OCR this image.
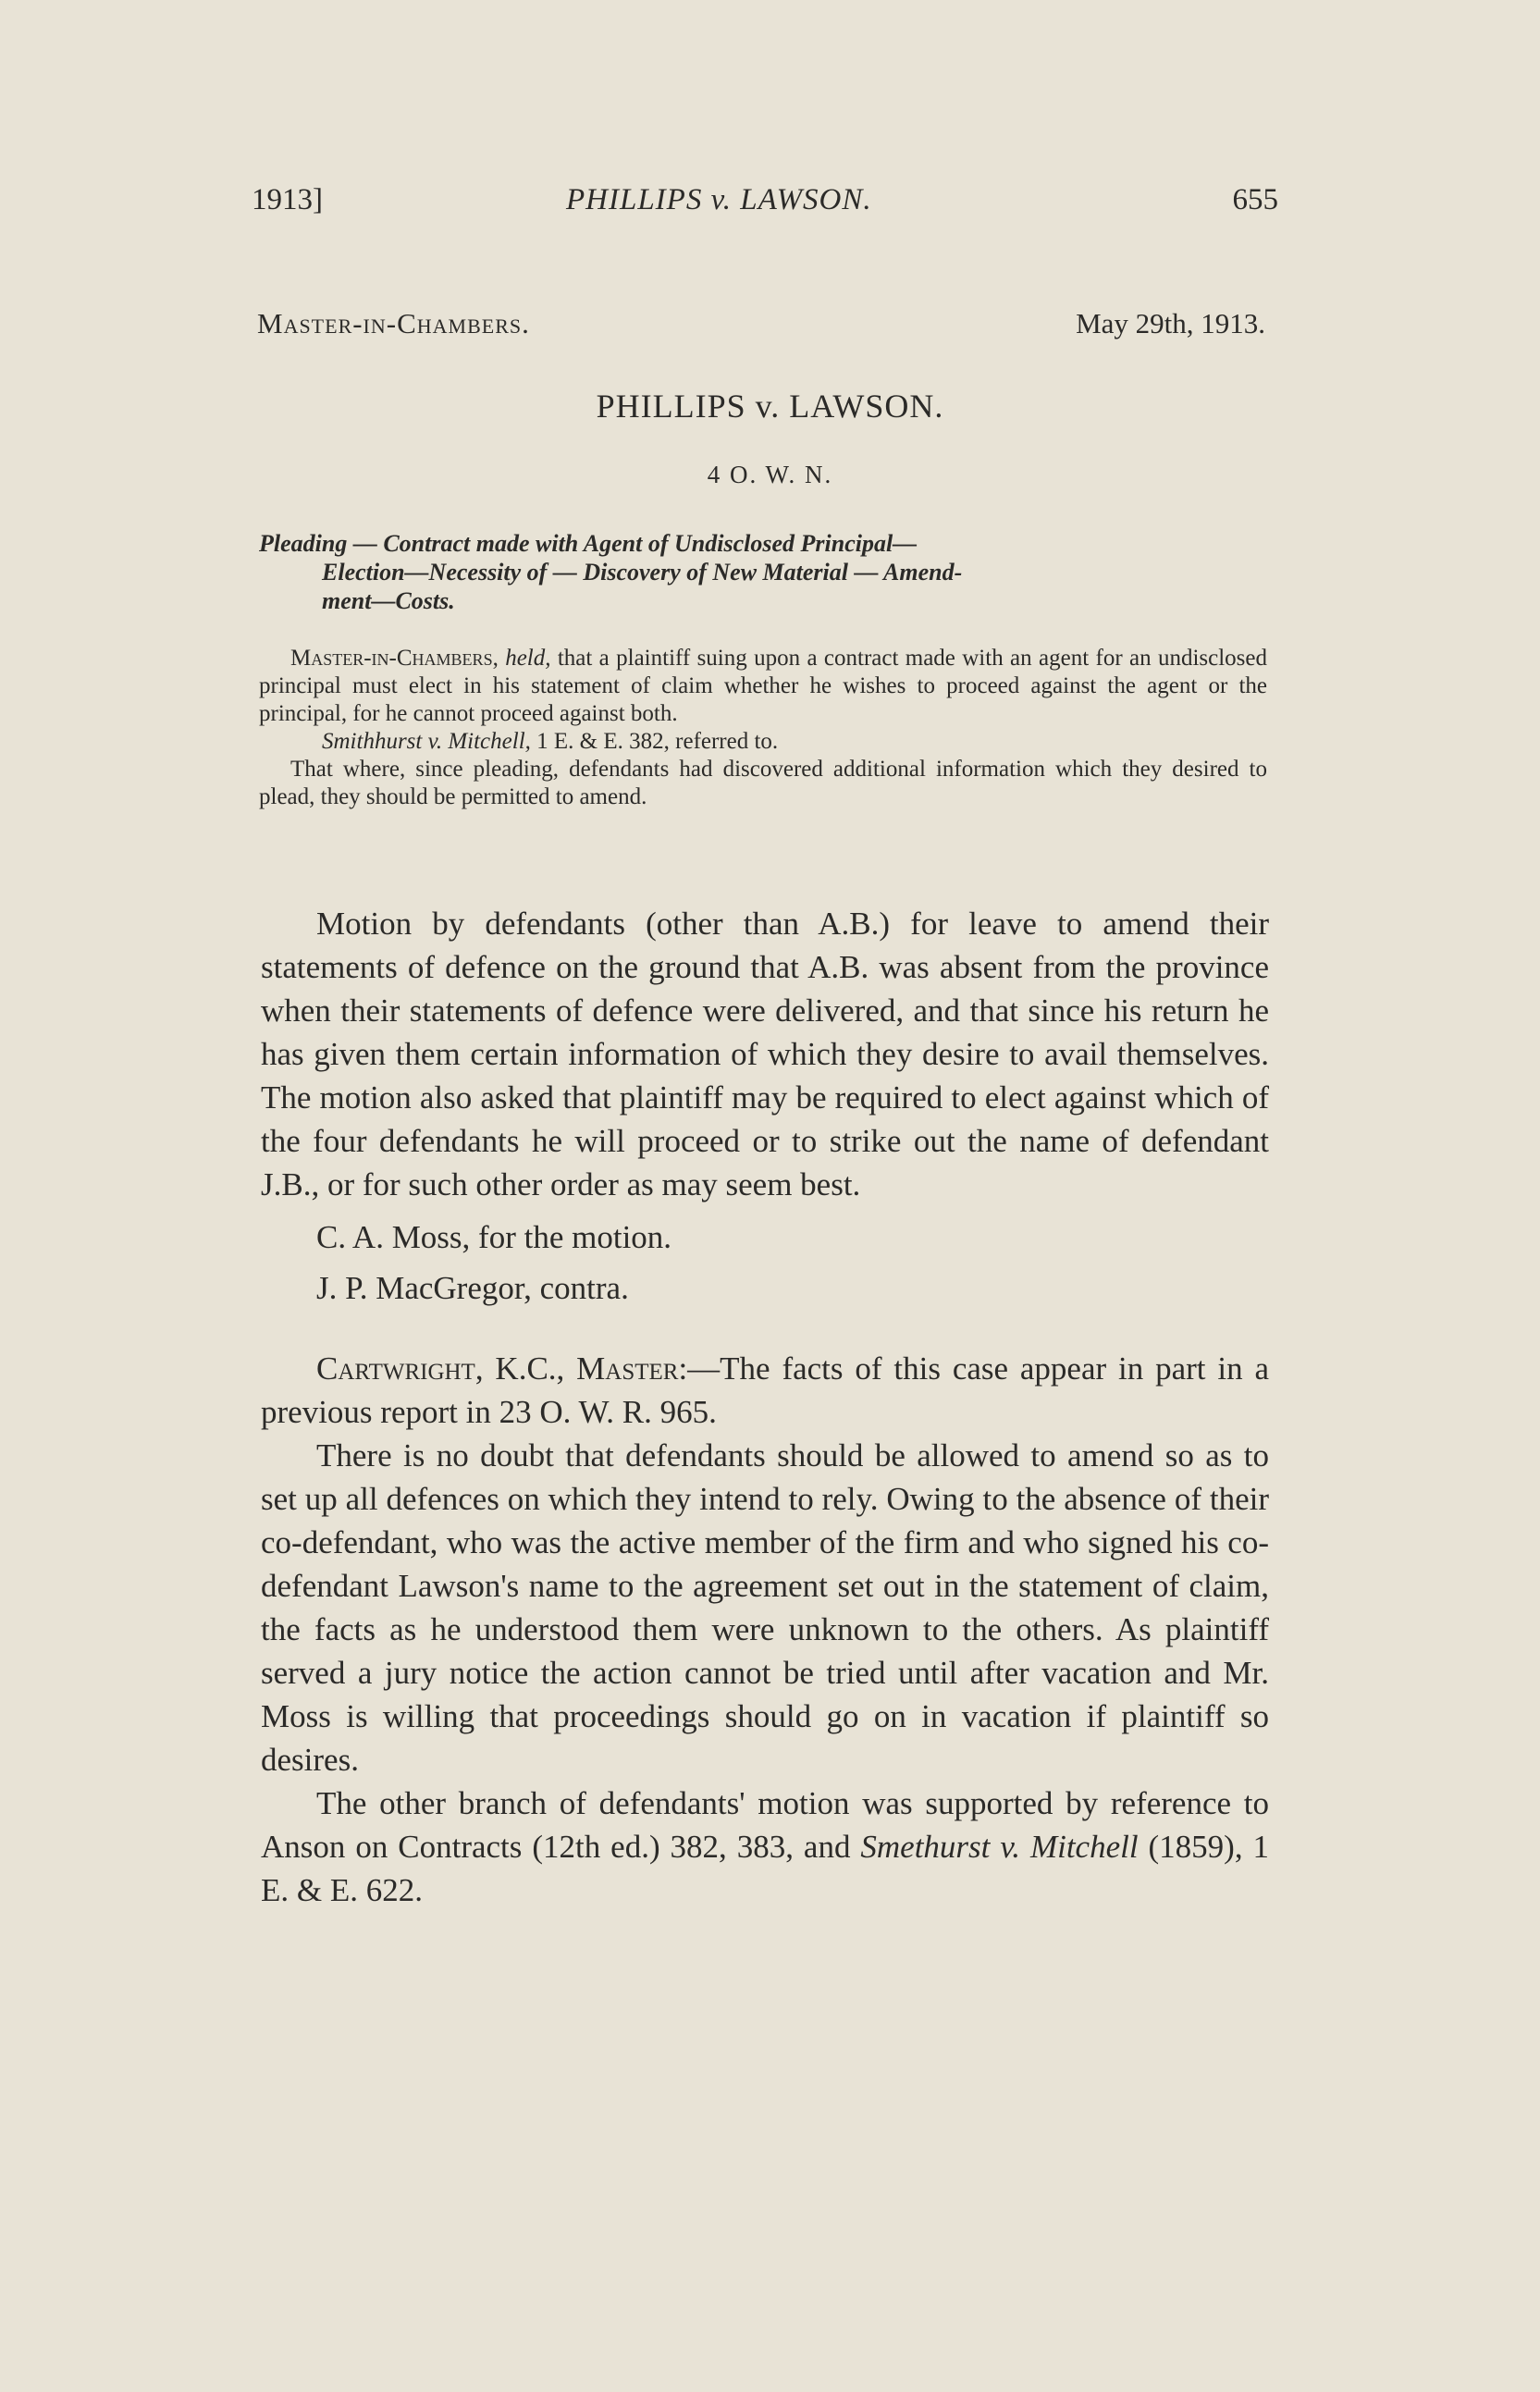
1913]	PHILLIPS v. LAWSON.	655
Master-in-Chambers.	May 29th, 1913.
PHILLIPS v. LAWSON.
4 O. W. N.
Pleading — Contract made with Agent of Undisclosed Principal—
Election—Necessity of — Discovery of New Material — Amend-
ment—Costs.

Master-in-Chambers, held, that a plaintiff suing upon a contract made with an agent for an undisclosed principal must elect in his statement of claim whether he wishes to proceed against the agent or the principal, for he cannot proceed against both.

Smithhurst v. Mitchell, 1 E. & E. 382, referred to.

That where, since pleading, defendants had discovered additional information which they desired to plead, they should be permitted to amend.

Motion by defendants (other than A.B.) for leave to amend their statements of defence on the ground that A.B. was absent from the province when their statements of defence were delivered, and that since his return he has given them certain information of which they desire to avail themselves. The motion also asked that plaintiff may be required to elect against which of the four defendants he will proceed or to strike out the name of defendant J.B., or for such other order as may seem best.

C. A. Moss, for the motion.
J. P. MacGregor, contra.

Cartwright, K.C., Master:—The facts of this case appear in part in a previous report in 23 O. W. R. 965.

There is no doubt that defendants should be allowed to amend so as to set up all defences on which they intend to rely. Owing to the absence of their co-defendant, who was the active member of the firm and who signed his co-defendant Lawson's name to the agreement set out in the statement of claim, the facts as he understood them were unknown to the others. As plaintiff served a jury notice the action cannot be tried until after vacation and Mr. Moss is willing that proceedings should go on in vacation if plaintiff so desires.

The other branch of defendants' motion was supported by reference to Anson on Contracts (12th ed.) 382, 383, and Smethurst v. Mitchell (1859), 1 E. & E. 622.
